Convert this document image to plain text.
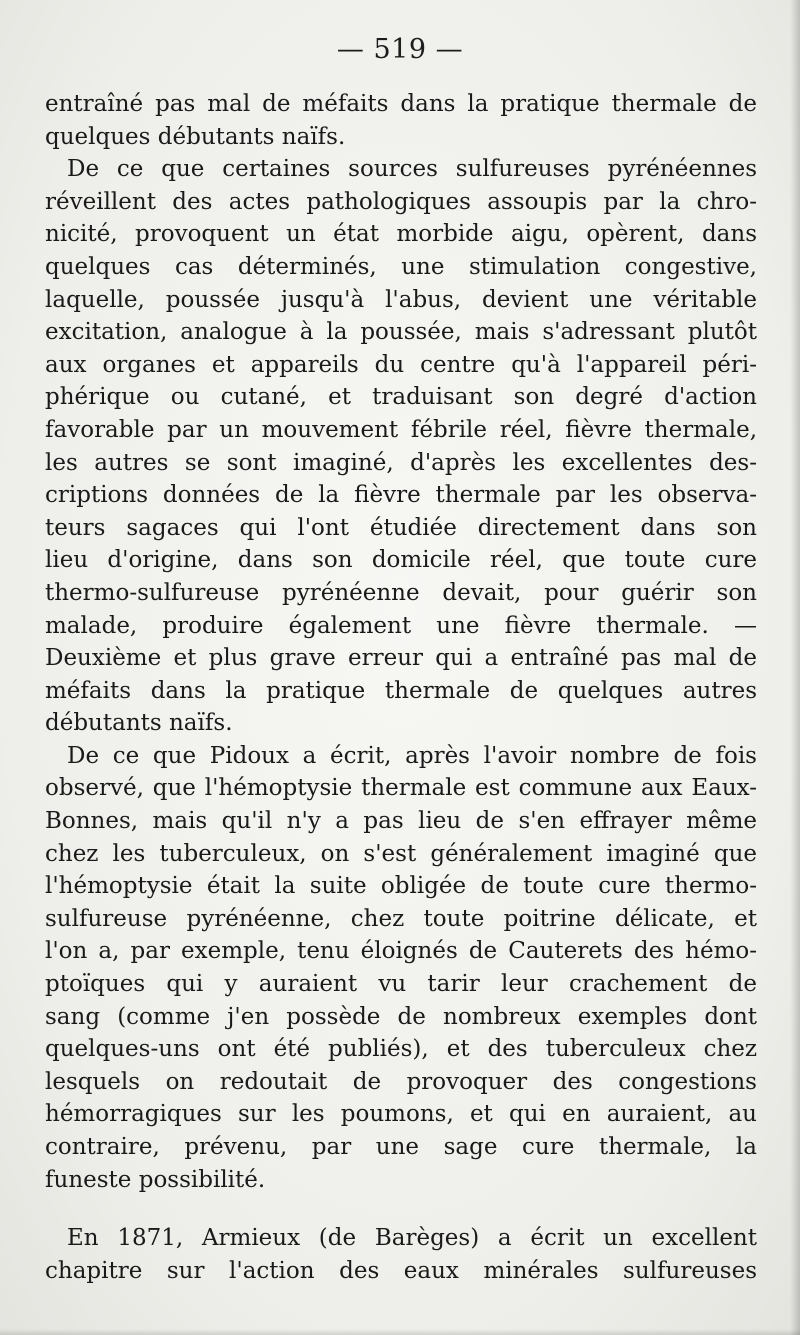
— 519 —
entraîné pas mal de méfaits dans la pratique thermale de
quelques débutants naïfs.
De ce que certaines sources sulfureuses pyrénéennes
réveillent des actes pathologiques assoupis par la chro-
nicité, provoquent un état morbide aigu, opèrent, dans
quelques cas déterminés, une stimulation congestive,
laquelle, poussée jusqu'à l'abus, devient une véritable
excitation, analogue à la poussée, mais s'adressant plutôt
aux organes et appareils du centre qu'à l'appareil péri-
phérique ou cutané, et traduisant son degré d'action
favorable par un mouvement fébrile réel, fièvre thermale,
les autres se sont imaginé, d'après les excellentes des-
criptions données de la fièvre thermale par les observa-
teurs sagaces qui l'ont étudiée directement dans son
lieu d'origine, dans son domicile réel, que toute cure
thermo-sulfureuse pyrénéenne devait, pour guérir son
malade, produire également une fièvre thermale. —
Deuxième et plus grave erreur qui a entraîné pas mal de
méfaits dans la pratique thermale de quelques autres
débutants naïfs.
De ce que Pidoux a écrit, après l'avoir nombre de fois
observé, que l'hémoptysie thermale est commune aux Eaux-
Bonnes, mais qu'il n'y a pas lieu de s'en effrayer même
chez les tuberculeux, on s'est généralement imaginé que
l'hémoptysie était la suite obligée de toute cure thermo-
sulfureuse pyrénéenne, chez toute poitrine délicate, et
l'on a, par exemple, tenu éloignés de Cauterets des hémo-
ptoïques qui y auraient vu tarir leur crachement de
sang (comme j'en possède de nombreux exemples dont
quelques-uns ont été publiés), et des tuberculeux chez
lesquels on redoutait de provoquer des congestions
hémorragiques sur les poumons, et qui en auraient, au
contraire, prévenu, par une sage cure thermale, la
funeste possibilité.
En 1871, Armieux (de Barèges) a écrit un excellent
chapitre sur l'action des eaux minérales sulfureuses
